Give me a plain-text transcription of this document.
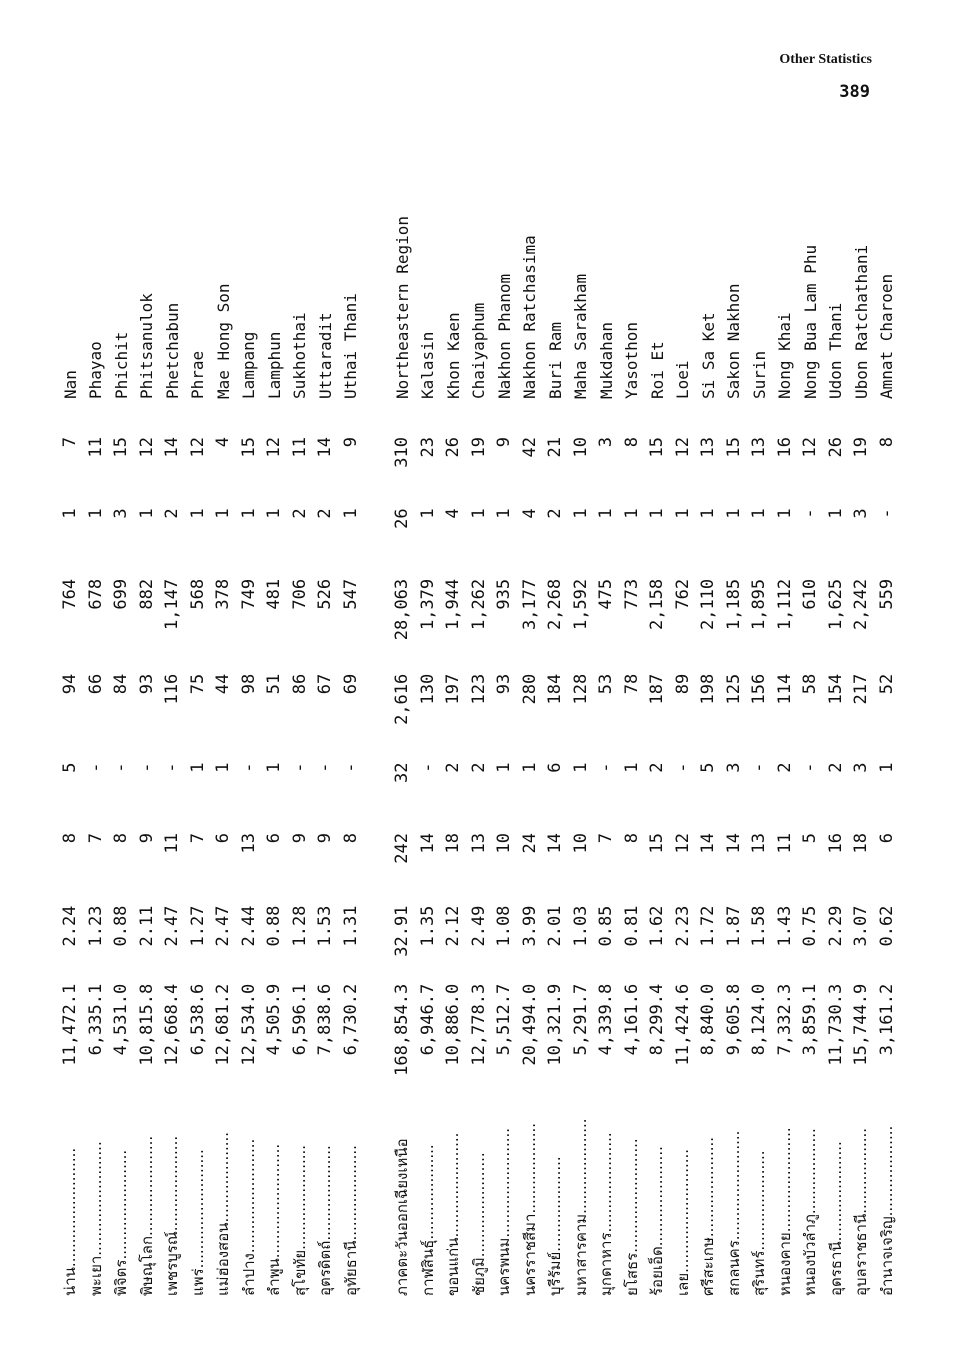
Other Statistics
389
น่าน.........................	11,472.1	2.24	8	5	94	764	1	7	Nan
พะเยา........................	6,335.1	1.23	7	-	66	678	1	11	Phayao
พิจิตร.......................	4,531.0	0.88	8	-	84	699	3	15	Phichit
พิษณุโลก.....................	10,815.8	2.11	9	-	93	882	1	12	Phitsanulok
เพชรบูรณ์....................	12,668.4	2.47	11	-	116	1,147	2	14	Phetchabun
แพร่.........................	6,538.6	1.27	7	1	75	568	1	12	Phrae
แม่ฮ่องสอน...................	12,681.2	2.47	6	1	44	378	1	4	Mae Hong Son
ลำปาง........................	12,534.0	2.44	13	-	98	749	1	15	Lampang
ลำพูน........................	4,505.9	0.88	6	1	51	481	1	12	Lamphun
สุโขทัย......................	6,596.1	1.28	9	-	86	706	2	11	Sukhothai
อุตรดิตถ์....................	7,838.6	1.53	9	-	67	526	2	14	Uttaradit
อุทัยธานี....................	6,730.2	1.31	8	-	69	547	1	9	Uthai Thani

ภาคตะวันออกเฉียงเหนือ	168,854.3	32.91	242	32	2,616	28,063	26	310	Northeastern Region
กาฬสินธุ์....................	6,946.7	1.35	14	-	130	1,379	1	23	Kalasin
ขอนแก่น......................	10,886.0	2.12	18	2	197	1,944	4	26	Khon Kaen
ชัยภูมิ......................	12,778.3	2.49	13	2	123	1,262	1	19	Chaiyaphum
นครพนม.......................	5,512.7	1.08	10	1	93	935	1	9	Nakhon Phanom
นครราชสีมา...................	20,494.0	3.99	24	1	280	3,177	4	42	Nakhon Ratchasima
บุรีรัมย์....................	10,321.9	2.01	14	6	184	2,268	2	21	Buri Ram
มหาสารคาม....................	5,291.7	1.03	10	1	128	1,592	1	10	Maha Sarakham
มุกดาหาร.....................	4,339.8	0.85	7	-	53	475	1	3	Mukdahan
ยโสธร........................	4,161.6	0.81	8	1	78	773	1	8	Yasothon
ร้อยเอ็ด.....................	8,299.4	1.62	15	2	187	2,158	1	15	Roi Et
เลย..........................	11,424.6	2.23	12	-	89	762	1	12	Loei
ศรีสะเกษ.....................	8,840.0	1.72	14	5	198	2,110	1	13	Si Sa Ket
สกลนคร.......................	9,605.8	1.87	14	3	125	1,185	1	15	Sakon Nakhon
สุรินทร์.....................	8,124.0	1.58	13	-	156	1,895	1	13	Surin
หนองคาย......................	7,332.3	1.43	11	2	114	1,112	1	16	Nong Khai
หนองบัวลำภู..................	3,859.1	0.75	5	-	58	610	-	12	Nong Bua Lam Phu
อุดรธานี.....................	11,730.3	2.29	16	2	154	1,625	1	26	Udon Thani
อุบลราชธานี..................	15,744.9	3.07	18	3	217	2,242	3	19	Ubon Ratchathani
อำนาจเจริญ...................	3,161.2	0.62	6	1	52	559	-	8	Amnat Charoen
